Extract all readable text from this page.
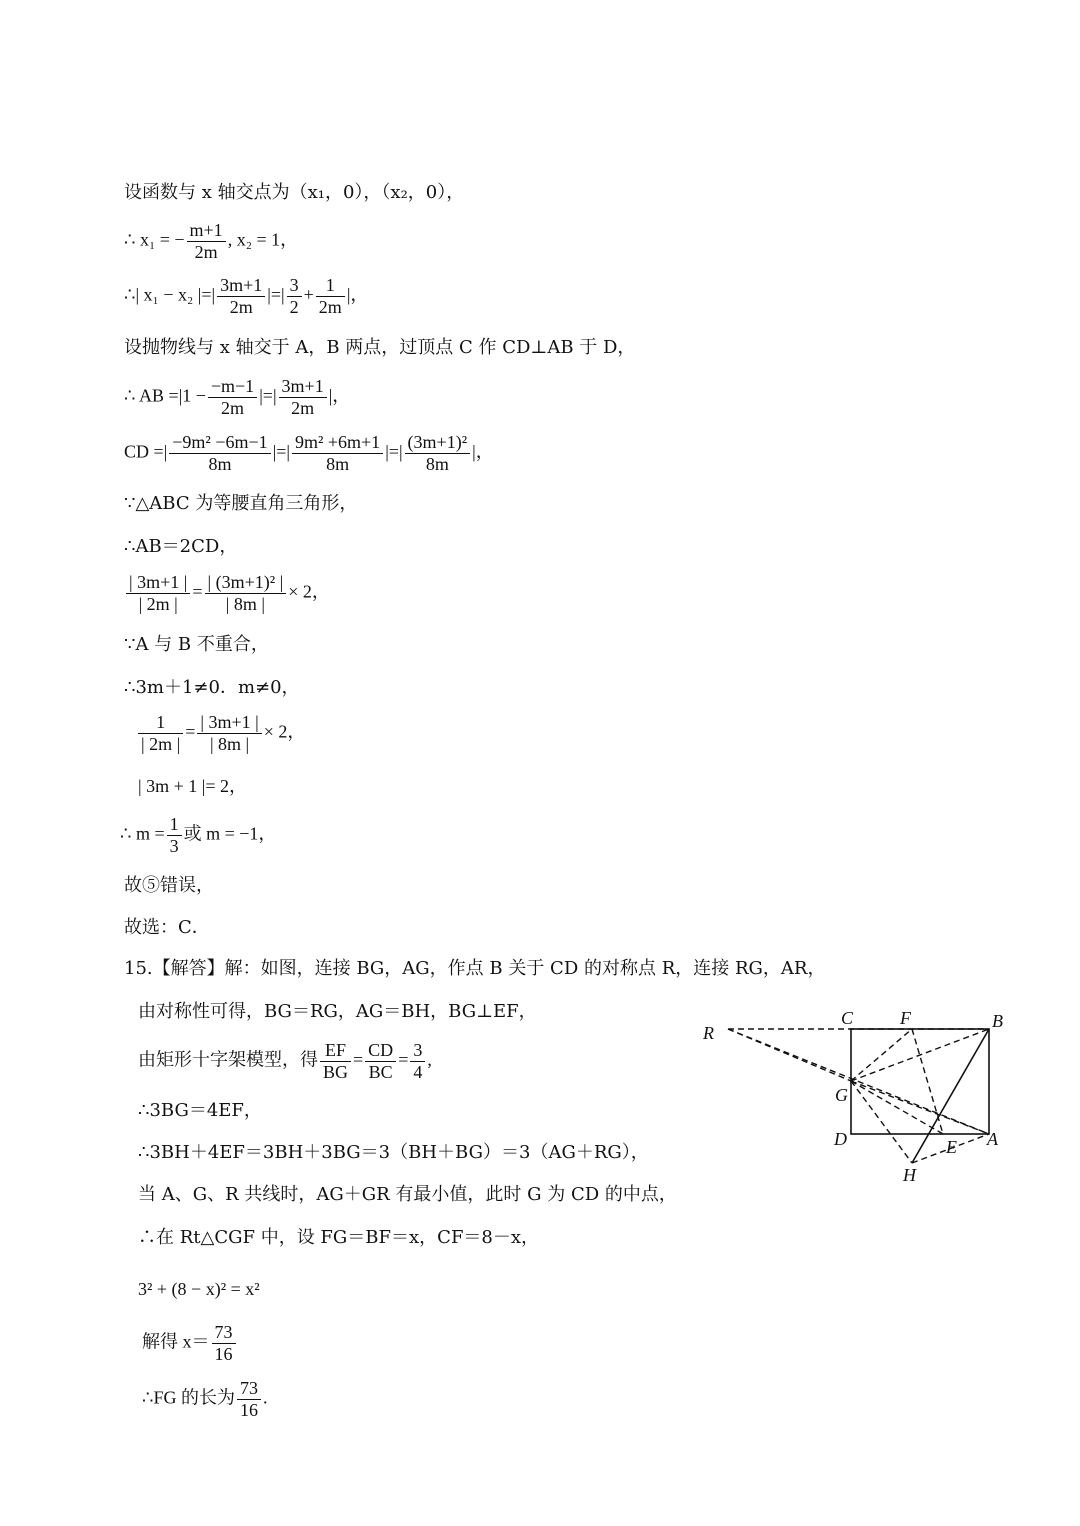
设函数与 x 轴交点为（x₁，0），（x₂，0），
∴ x₁ = − $\frac{m+1}{2m}$ , x₂ = 1，
∴| x₁ − x₂ |=| $\frac{3m+1}{2m}$ |=| $\frac{3}{2} + \frac{1}{2m}$ |，
设抛物线与 x 轴交于 A，B 两点，过顶点 C 作 CD⊥AB 于 D，
∴ AB $=|1 - \frac{-m-1}{2m}$ |=| $\frac{3m+1}{2m}$ |，
CD =| $\frac{\text{−9m² −6m−1}}{8m}$ |=| $\frac{\text{9m² +6m+1}}{8m}$ |=| $\frac{\text{(3m+1)²}}{8m}$ |，
∵△ABC 为等腰直角三角形，
∴AB＝2CD，
$\frac{| 3m+1 |}{| 2m |} = \frac{\text{| (3m+1)² |}}{| 8m |} \times 2$，
∵A 与 B 不重合，
∴3m＋1≠0．m≠0，
$\frac{1}{| 2m |} = \frac{| 3m+1 |}{| 8m |} \times 2$，
| 3m + 1 |= 2，
∴ $m = \frac{1}{3}$ 或 m = −1，
故⑤错误，
故选：C．
15.【解答】解：如图，连接 BG，AG，作点 B 关于 CD 的对称点 R，连接 RG，AR，
由对称性可得，BG＝RG，AG＝BH，BG⊥EF，
由矩形十字架模型，得 $\frac{EF}{BG} = \frac{CD}{BC} = \frac{3}{4}$ ,
∴3BG＝4EF，
∴3BH＋4EF＝3BH＋3BG＝3（BH＋BG）＝3（AG＋RG），
当 A、G、R 共线时，AG＋GR 有最小值，此时 G 为 CD 的中点，
∴在 Rt△CGF 中，设 FG＝BF＝x，CF＝8－x，
3² + (8 − x)² = x²
解得 $x= \frac{73}{16}$
∴FG 的长为 $\frac{73}{16}$ .
R
C	F	B
G
D	E A
H
